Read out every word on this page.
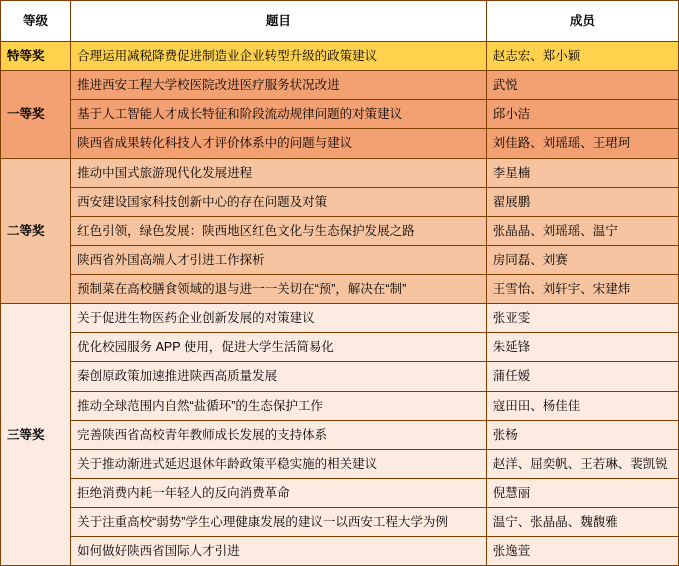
等级	题目	成员
特等奖	合理运用减税降费促进制造业企业转型升级的政策建议	赵志宏、郑小颖
一等奖	推进西安工程大学校医院改进医疗服务状况改进	武悦
	基于人工智能人才成长特征和阶段流动规律问题的对策建议	邱小洁
	陕西省成果转化科技人才评价体系中的问题与建议	刘佳路、刘瑶瑶、王珺珂
二等奖	推动中国式旅游现代化发展进程	李星楠
	西安建设国家科技创新中心的存在问题及对策	翟展鹏
	红色引领，绿色发展：陕西地区红色文化与生态保护发展之路	张晶晶、刘瑶瑶、温宁
	陕西省外国高端人才引进工作探析	房同磊、刘赛
	预制菜在高校膳食领域的退与进一一关切在“预”，解决在“制”	王雪怡、刘轩宇、宋建炜
三等奖	关于促进生物医药企业创新发展的对策建议	张亚雯
	优化校园服务 APP 使用，促进大学生活简易化	朱延锋
	秦创原政策加速推进陕西高质量发展	蒲任嫒
	推动全球范围内自然“盐循环”的生态保护工作	寇田田、杨佳佳
	完善陕西省高校青年教师成长发展的支持体系	张杨
	关于推动渐进式延迟退休年龄政策平稳实施的相关建议	赵洋、屈奕帆、王若琳、裴凯锐
	拒绝消费内耗一年轻人的反向消费革命	倪慧丽
	关于注重高校“弱势”学生心理健康发展的建议一以西安工程大学为例	温宁、张晶晶、魏馥雅
	如何做好陕西省国际人才引进	张逸萱
